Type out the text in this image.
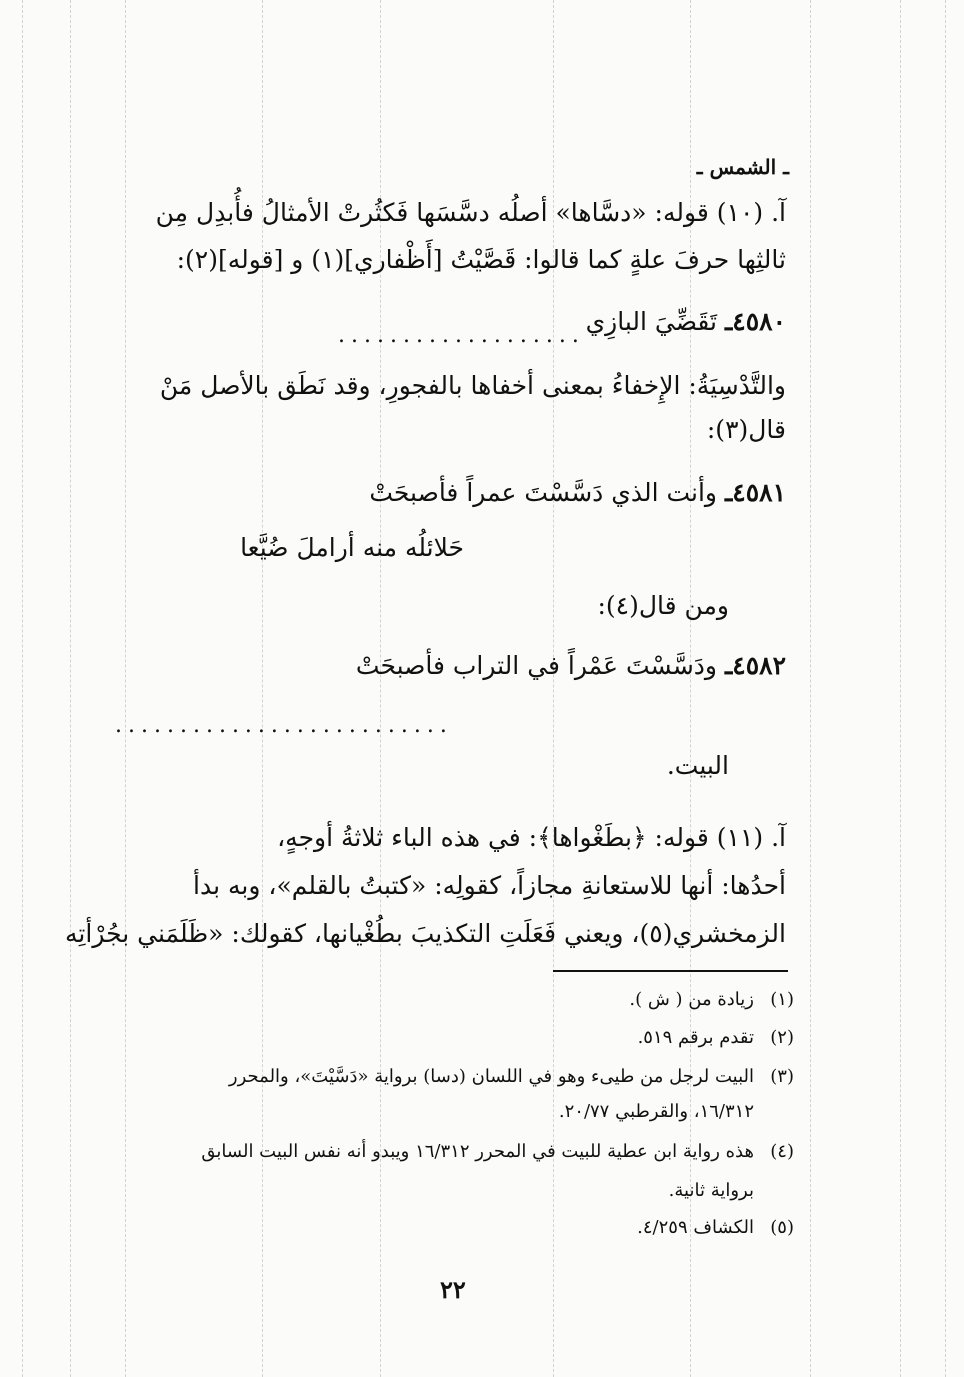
ـ الشمس ـ
آ. (١٠) قوله: «دسَّاها» أصلُه دسَّسَها فَكثُرتْ الأمثالُ فأُبدِل مِن
ثالثِها حرفَ علةٍ كما قالوا: قَصَّيْتُ [أَظْفاري](١) و [قوله](٢):
٤٥٨٠ـ تَقَضِّيَ البازِي
...................
والتَّدْسِيَةُ: الإِخفاءُ بمعنى أخفاها بالفجورِ، وقد نَطَق بالأصل مَنْ
قال(٣):
٤٥٨١ـ وأنت الذي دَسَّسْتَ عمراً فأصبحَتْ
حَلائلُه منه أراملَ ضُيَّعا
ومن قال(٤):
٤٥٨٢ـ ودَسَّسْتَ عَمْراً في التراب فأصبحَتْ
..........................
البيت.
آ. (١١) قوله: ﴿بطَغْواها﴾: في هذه الباء ثلاثةُ أوجهٍ،
أحدُها: أنها للاستعانةِ مجازاً، كقولِه: «كتبتُ بالقلم»، وبه بدأ
الزمخشري(٥)، ويعني فَعَلَتِ التكذيبَ بطُغْيانها، كقولك: «ظَلَمَني بجُرْأتِه
(١)زيادة من ( ش ).
(٢)تقدم برقم ٥١٩.
(٣)البيت لرجل من طيىء وهو في اللسان (دسا) برواية «دَسَّيْتَ»، والمحرر
١٦/٣١٢، والقرطبي ٢٠/٧٧.
(٤)هذه رواية ابن عطية للبيت في المحرر ١٦/٣١٢ ويبدو أنه نفس البيت السابق
برواية ثانية.
(٥)الكشاف ٤/٢٥٩.
٢٢
